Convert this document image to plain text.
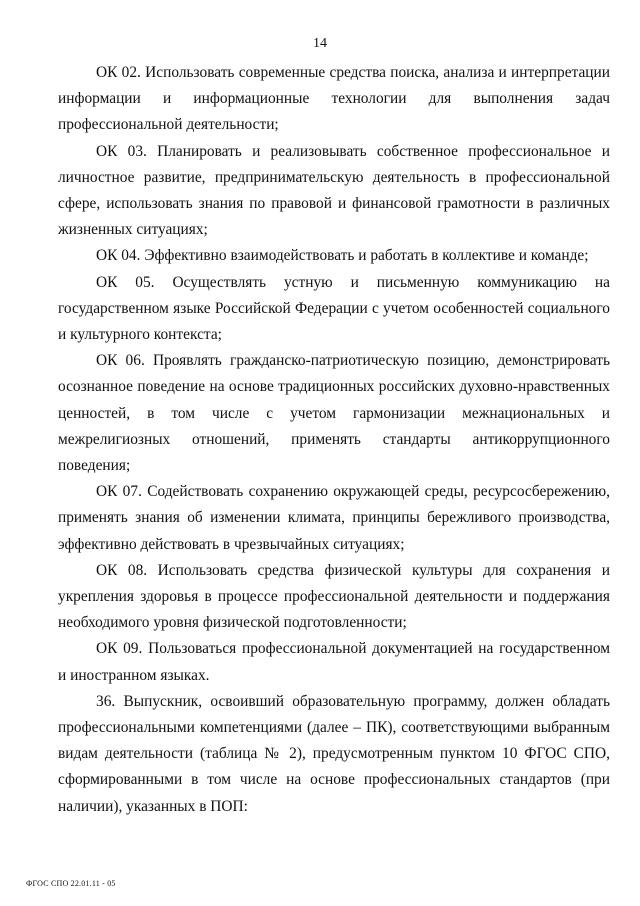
14

ОК 02. Использовать современные средства поиска, анализа и интерпретации информации и информационные технологии для выполнения задач профессиональной деятельности;

ОК 03. Планировать и реализовывать собственное профессиональное и личностное развитие, предпринимательскую деятельность в профессиональной сфере, использовать знания по правовой и финансовой грамотности в различных жизненных ситуациях;

ОК 04. Эффективно взаимодействовать и работать в коллективе и команде;

ОК 05. Осуществлять устную и письменную коммуникацию на государственном языке Российской Федерации с учетом особенностей социального и культурного контекста;

ОК 06. Проявлять гражданско-патриотическую позицию, демонстрировать осознанное поведение на основе традиционных российских духовно-нравственных ценностей, в том числе с учетом гармонизации межнациональных и межрелигиозных отношений, применять стандарты антикоррупционного поведения;

ОК 07. Содействовать сохранению окружающей среды, ресурсосбережению, применять знания об изменении климата, принципы бережливого производства, эффективно действовать в чрезвычайных ситуациях;

ОК 08. Использовать средства физической культуры для сохранения и укрепления здоровья в процессе профессиональной деятельности и поддержания необходимого уровня физической подготовленности;

ОК 09. Пользоваться профессиональной документацией на государственном и иностранном языках.

36. Выпускник, освоивший образовательную программу, должен обладать профессиональными компетенциями (далее – ПК), соответствующими выбранным видам деятельности (таблица № 2), предусмотренным пунктом 10 ФГОС СПО, сформированными в том числе на основе профессиональных стандартов (при наличии), указанных в ПОП:

ФГОС СПО 22.01.11 - 05
